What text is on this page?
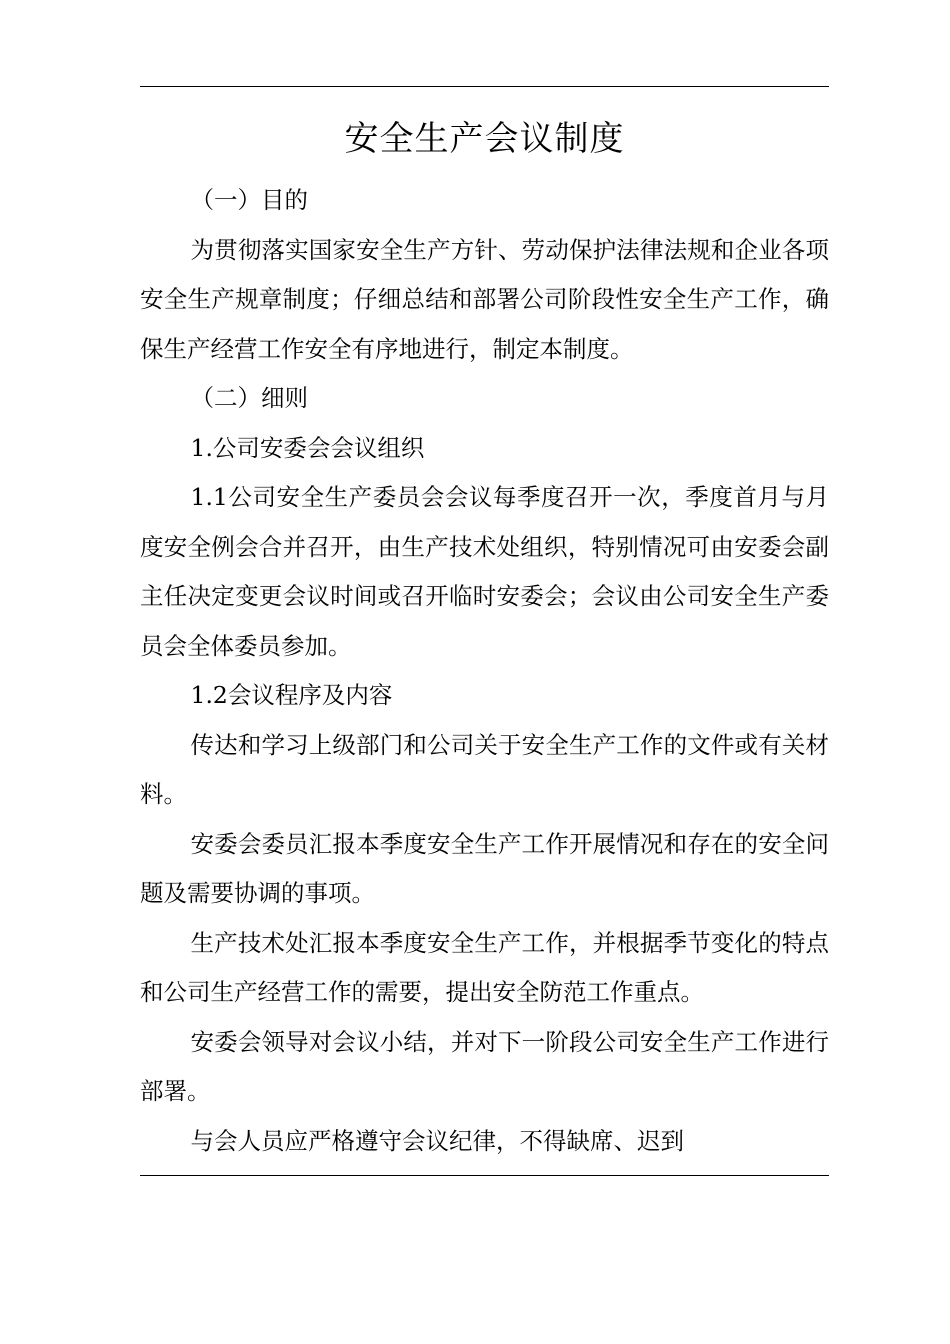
安全生产会议制度

（一）目的

为贯彻落实国家安全生产方针、劳动保护法律法规和企业各项安全生产规章制度；仔细总结和部署公司阶段性安全生产工作，确保生产经营工作安全有序地进行，制定本制度。

（二）细则

1.公司安委会会议组织

1.1公司安全生产委员会会议每季度召开一次，季度首月与月度安全例会合并召开，由生产技术处组织，特别情况可由安委会副主任决定变更会议时间或召开临时安委会；会议由公司安全生产委员会全体委员参加。

1.2会议程序及内容

传达和学习上级部门和公司关于安全生产工作的文件或有关材料。

安委会委员汇报本季度安全生产工作开展情况和存在的安全问题及需要协调的事项。

生产技术处汇报本季度安全生产工作，并根据季节变化的特点和公司生产经营工作的需要，提出安全防范工作重点。

安委会领导对会议小结，并对下一阶段公司安全生产工作进行部署。

与会人员应严格遵守会议纪律，不得缺席、迟到
